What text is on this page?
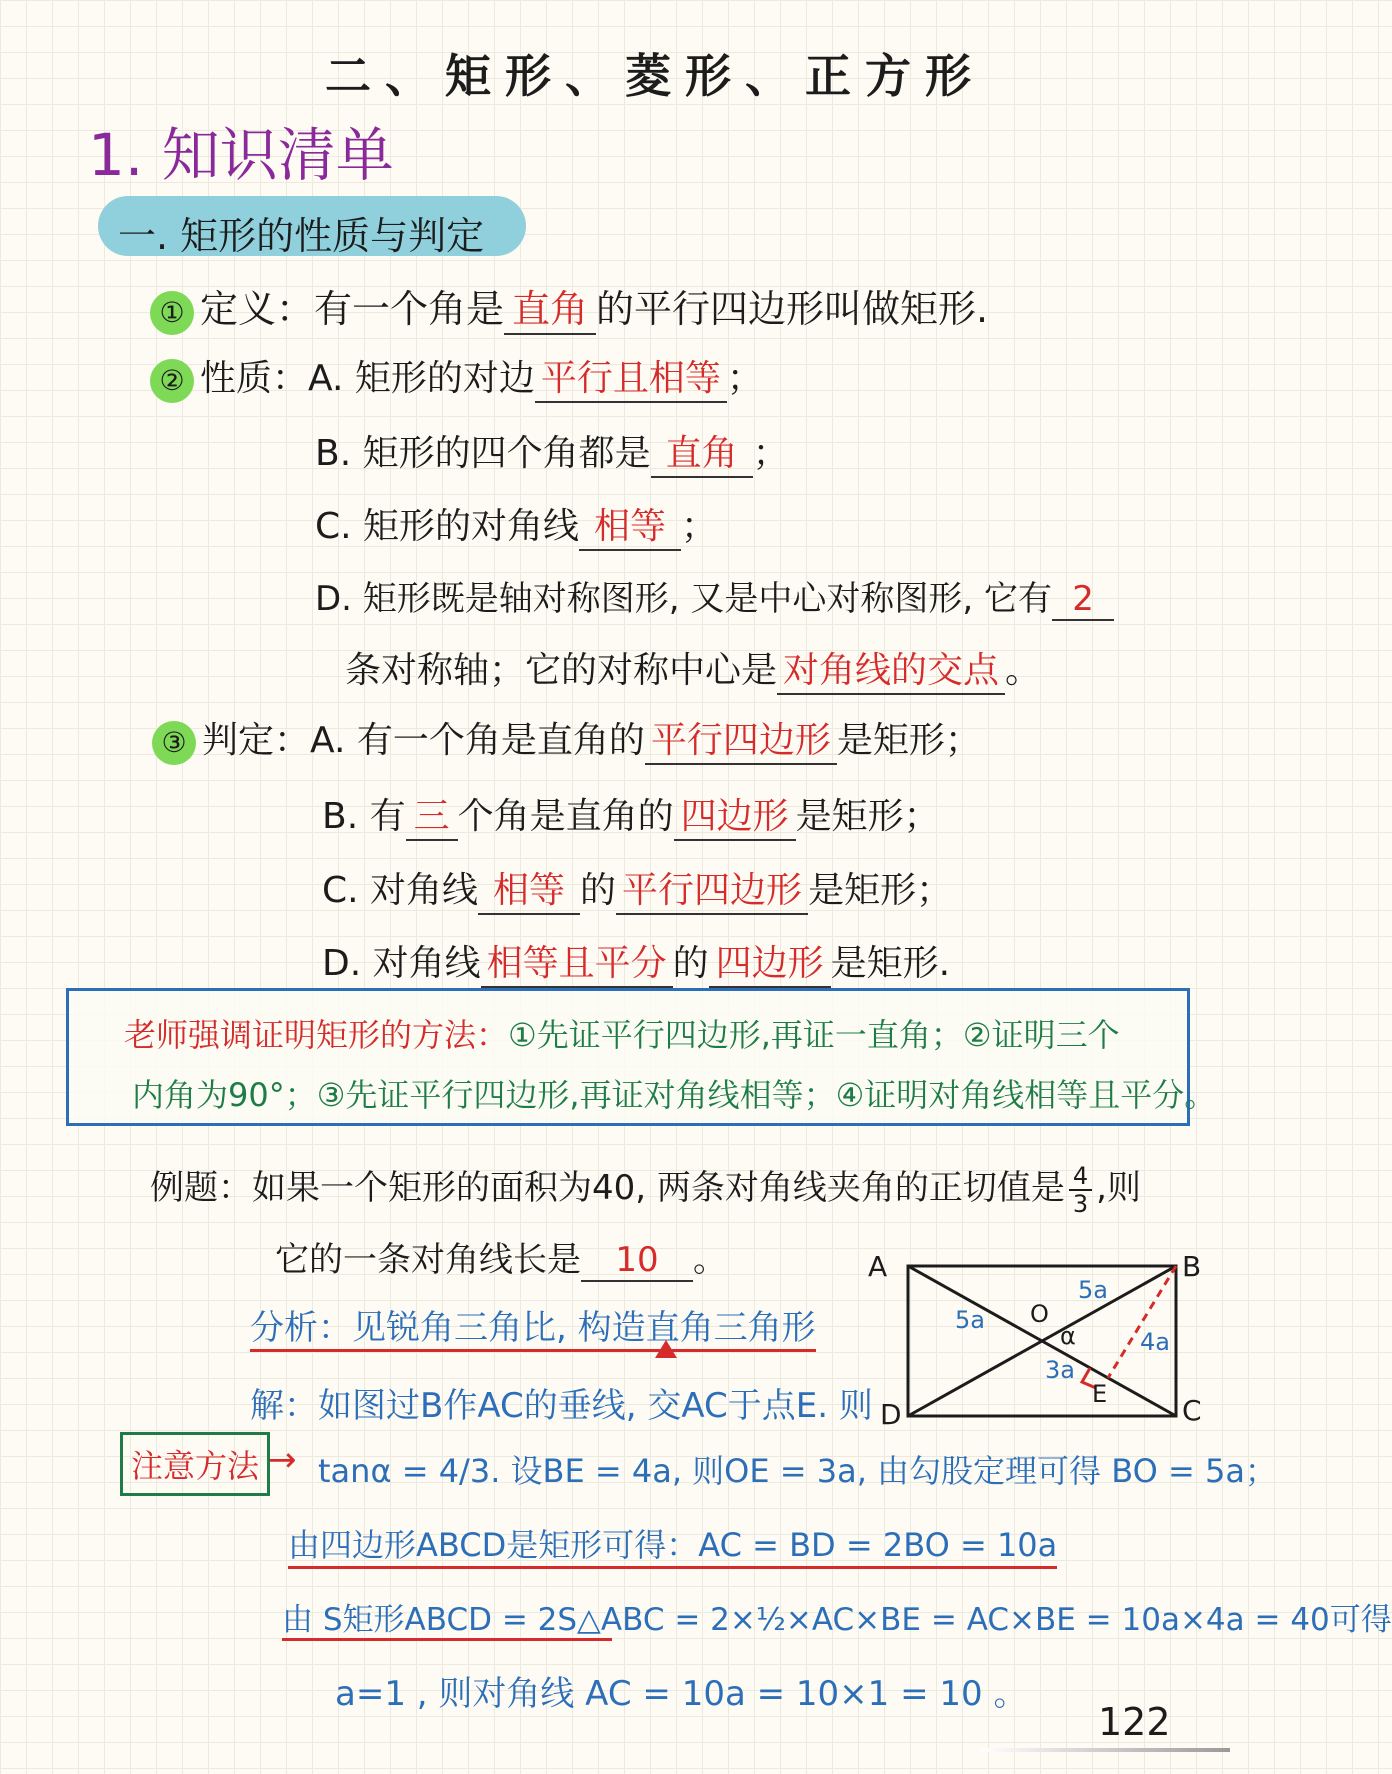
二、矩形、菱形、正方形
1. 知识清单
一. 矩形的性质与判定
① 定义：有一个角是 直角 的平行四边形叫做矩形.
② 性质：A. 矩形的对边 平行且相等 ；
B. 矩形的四个角都是 直角 ；
C. 矩形的对角线 相等 ；
D. 矩形既是轴对称图形, 又是中心对称图形, 它有 2
条对称轴；它的对称中心是 对角线的交点 。
③ 判定：A. 有一个角是直角的 平行四边形 是矩形；
B. 有 三 个角是直角的 四边形 是矩形；
C. 对角线 相等 的 平行四边形 是矩形；
D. 对角线 相等且平分 的 四边形 是矩形.
老师强调证明矩形的方法：①先证平行四边形,再证一直角；②证明三个
内角为90°；③先证平行四边形,再证对角线相等；④证明对角线相等且平分。
例题：如果一个矩形的面积为40, 两条对角线夹角的正切值是 $\frac{4}{3}$ ,则
它的一条对角线长是 10 。
分析：见锐角三角比, 构造直角三角形
解：如图过B作AC的垂线, 交AC于点E. 则
注意方法 → tanα = 4/3. 设BE = 4a, 则OE = 3a, 由勾股定理可得 BO = 5a；
由四边形ABCD是矩形可得：AC = BD = 2BO = 10a
由 S矩形ABCD = 2S△ABC = 2×½×AC×BE = AC×BE = 10a×4a = 40可得
a=1 , 则对角线 AC = 10a = 10×1 = 10 。
A	B
C
D
O
E
α
5a
5a
4a
3a
122
